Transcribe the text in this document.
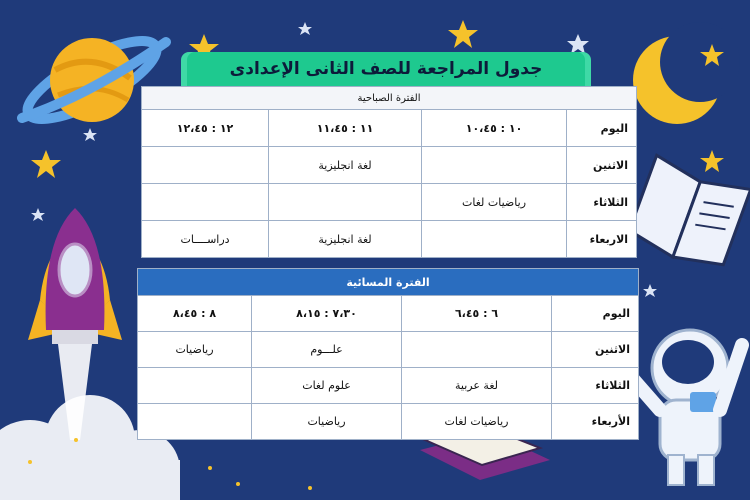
جدول المراجعة للصف الثانى الإعدادى
الفترة الصباحية			
اليوم	١٠ : ١٠،٤٥	١١ : ١١،٤٥	١٢ : ١٢،٤٥
الاثنين		لغة انجليزية	
الثلاثاء	رياضيات لغات		
الاربعاء		لغة انجليزية	دراســــات
الفترة المسائية			
اليوم	٦ : ٦،٤٥	٧،٣٠ : ٨،١٥	٨ : ٨،٤٥
الاثنين		علـــوم	رياضيات
الثلاثاء	لغة عربية	علوم لغات	
الأربعاء	رياضيات لغات	رياضيات	
